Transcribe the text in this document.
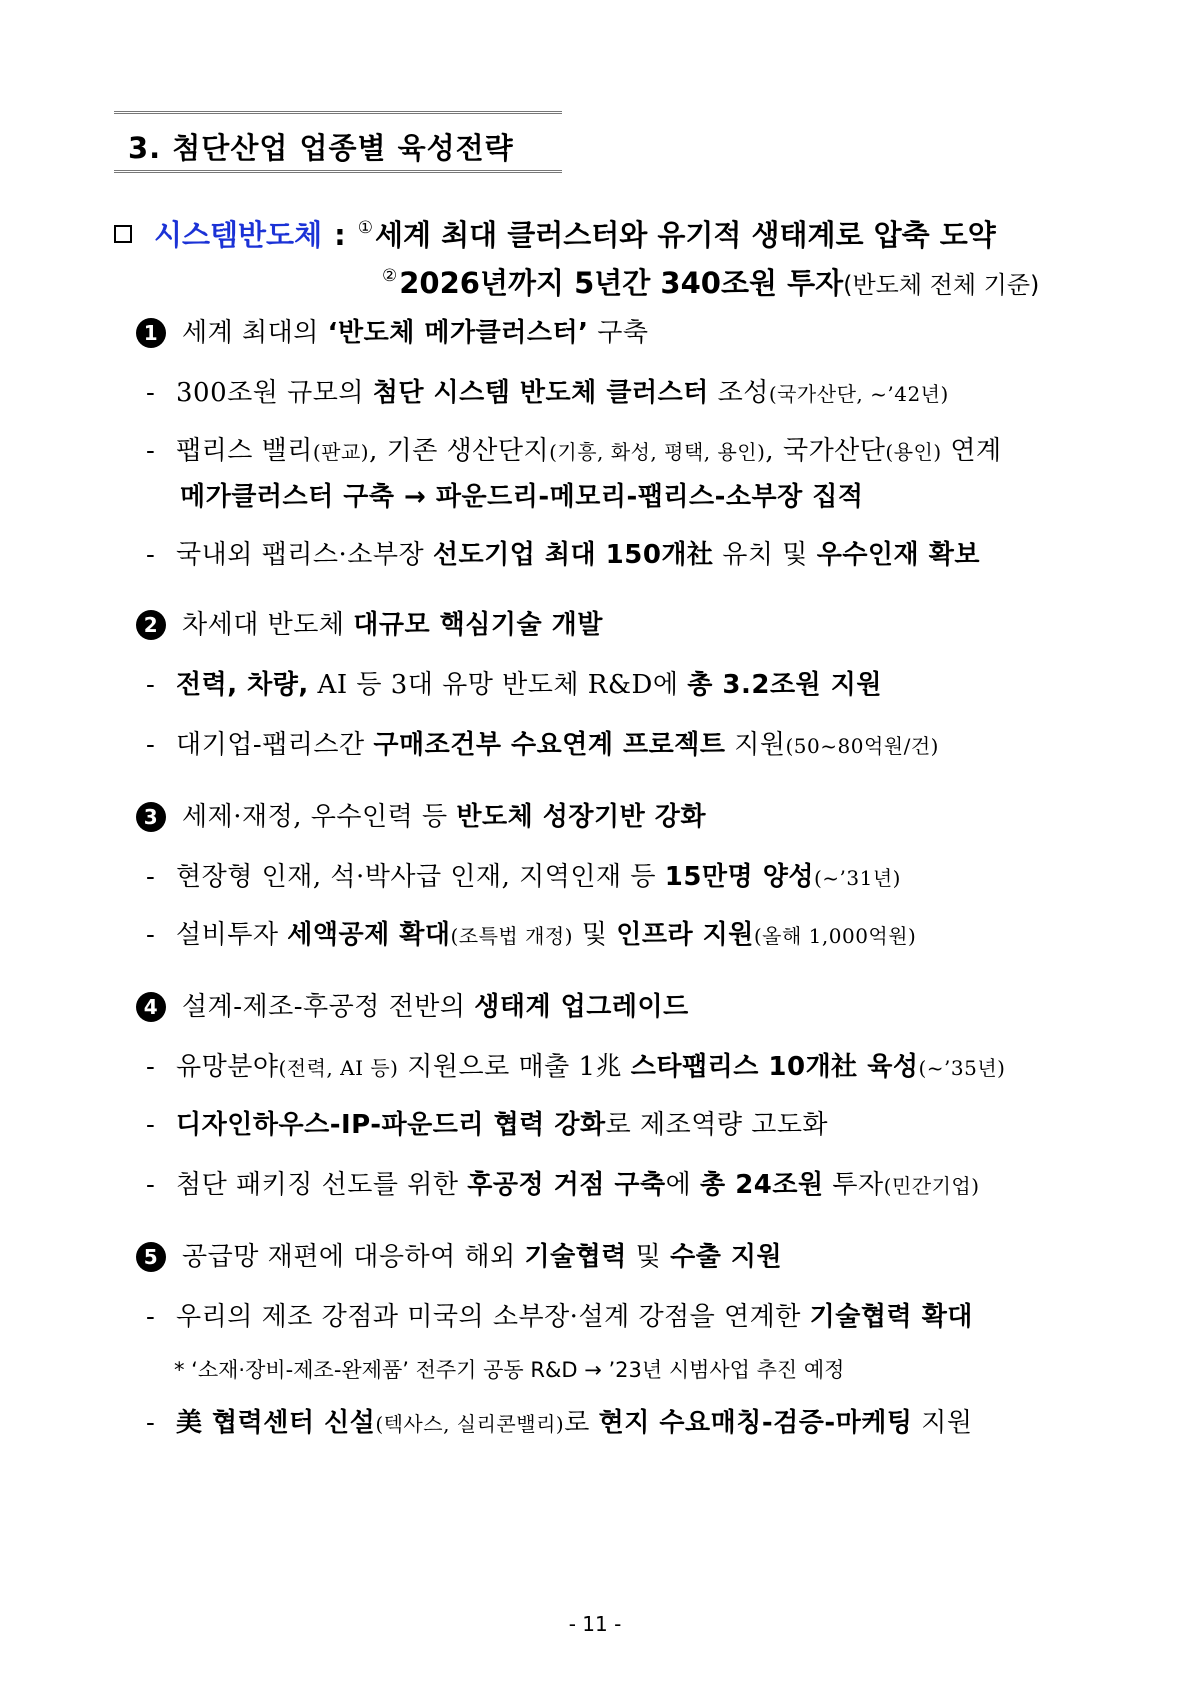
3. 첨단산업 업종별 육성전략
시스템반도체 : ①세계 최대 클러스터와 유기적 생태계로 압축 도약
②2026년까지 5년간 340조원 투자(반도체 전체 기준)
1 세계 최대의 ‘반도체 메가클러스터’ 구축
- 300조원 규모의 첨단 시스템 반도체 클러스터 조성(국가산단, ~’42년)
- 팹리스 밸리(판교), 기존 생산단지(기흥, 화성, 평택, 용인), 국가산단(용인) 연계
메가클러스터 구축 → 파운드리-메모리-팹리스-소부장 집적
- 국내외 팹리스·소부장 선도기업 최대 150개社 유치 및 우수인재 확보
2 차세대 반도체 대규모 핵심기술 개발
- 전력, 차량, AI 등 3대 유망 반도체 R&D에 총 3.2조원 지원
- 대기업-팹리스간 구매조건부 수요연계 프로젝트 지원(50~80억원/건)
3 세제·재정, 우수인력 등 반도체 성장기반 강화
- 현장형 인재, 석·박사급 인재, 지역인재 등 15만명 양성(~’31년)
- 설비투자 세액공제 확대(조특법 개정) 및 인프라 지원(올해 1,000억원)
4 설계-제조-후공정 전반의 생태계 업그레이드
- 유망분야(전력, AI 등) 지원으로 매출 1兆 스타팹리스 10개社 육성(~’35년)
- 디자인하우스-IP-파운드리 협력 강화로 제조역량 고도화
- 첨단 패키징 선도를 위한 후공정 거점 구축에 총 24조원 투자(민간기업)
5 공급망 재편에 대응하여 해외 기술협력 및 수출 지원
- 우리의 제조 강점과 미국의 소부장·설계 강점을 연계한 기술협력 확대
* ‘소재·장비-제조-완제품’ 전주기 공동 R&D → ’23년 시범사업 추진 예정
- 美 협력센터 신설(텍사스, 실리콘밸리)로 현지 수요매칭-검증-마케팅 지원
- 11 -
